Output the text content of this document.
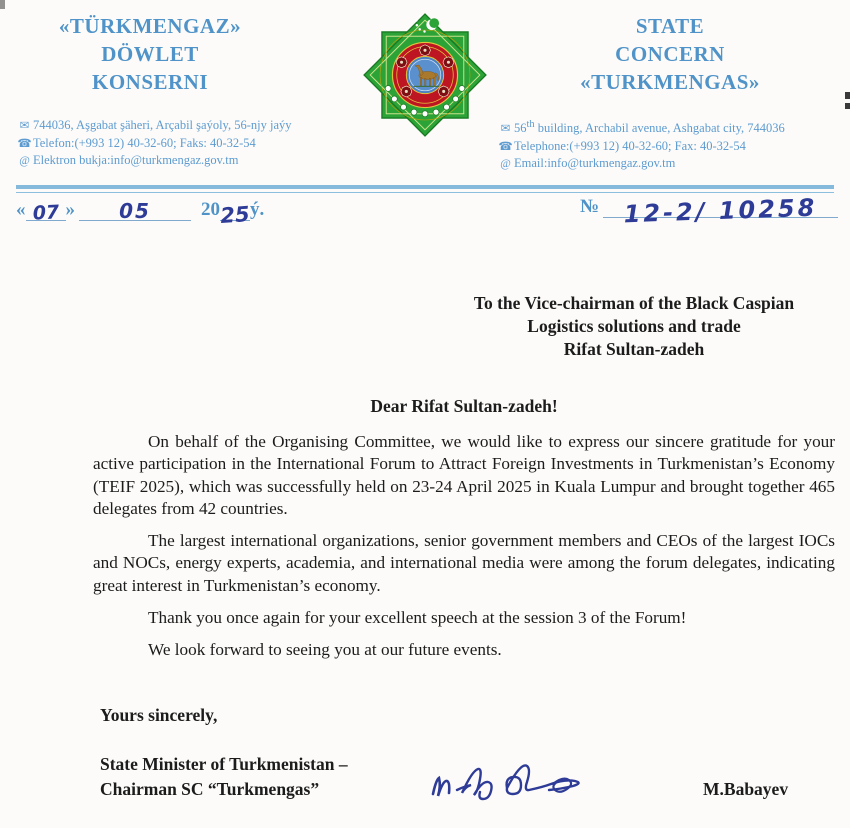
«TÜRKMENGAZ»
DÖWLET
KONSERNI
STATE
CONCERN
«TURKMENGAS»
✉ 744036, Aşgabat şäheri, Arçabil şaýoly, 56-njy jaýy
☎Telefon:(+993 12) 40-32-60; Faks: 40-32-54
@ Elektron bukja:info@turkmengaz.gov.tm
✉ 56th building, Archabil avenue, Ashgabat city, 744036
☎Telephone:(+993 12) 40-32-60; Fax: 40-32-54
@ Email:info@turkmengaz.gov.tm
« 07 »	05	20 25 ý.	№	12-2/ 10258
To the Vice-chairman of the Black Caspian
Logistics solutions and trade
Rifat Sultan-zadeh
Dear Rifat Sultan-zadeh!

On behalf of the Organising Committee, we would like to express our sincere gratitude for your active participation in the International Forum to Attract Foreign Investments in Turkmenistan’s Economy (TEIF 2025), which was successfully held on 23-24 April 2025 in Kuala Lumpur and brought together 465 delegates from 42 countries.

The largest international organizations, senior government members and CEOs of the largest IOCs and NOCs, energy experts, academia, and international media were among the forum delegates, indicating great interest in Turkmenistan’s economy.

Thank you once again for your excellent speech at the session 3 of the Forum!

We look forward to seeing you at our future events.

Yours sincerely,
State Minister of Turkmenistan –
Chairman SC “Turkmengas”	M.Babayev
